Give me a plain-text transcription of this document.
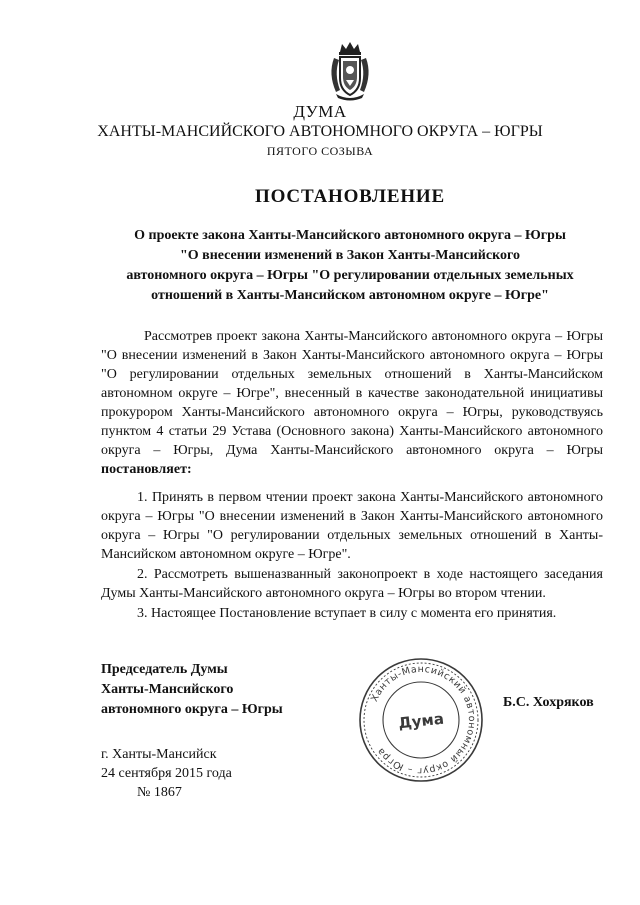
ДУМА
ХАНТЫ-МАНСИЙСКОГО АВТОНОМНОГО ОКРУГА – ЮГРЫ
ПЯТОГО СОЗЫВА
ПОСТАНОВЛЕНИЕ
О проекте закона Ханты-Мансийского автономного округа – Югры
"О внесении изменений в Закон Ханты-Мансийского
автономного округа – Югры "О регулировании отдельных земельных
отношений в Ханты-Мансийском автономном округе – Югре"

Рассмотрев проект закона Ханты-Мансийского автономного округа – Югры "О внесении изменений в Закон Ханты-Мансийского автономного округа – Югры "О регулировании отдельных земельных отношений в Ханты-Мансийском автономном округе – Югре", внесенный в качестве законодательной инициативы прокурором Ханты-Мансийского автономного округа – Югры, руководствуясь пунктом 4 статьи 29 Устава (Основного закона) Ханты-Мансийского автономного округа – Югры, Дума Ханты-Мансийского автономного округа – Югры постановляет:

1. Принять в первом чтении проект закона Ханты-Мансийского автономного округа – Югры "О внесении изменений в Закон Ханты-Мансийского автономного округа – Югры "О регулировании отдельных земельных отношений в Ханты-Мансийском автономном округе – Югре".

2. Рассмотреть вышеназванный законопроект в ходе настоящего заседания Думы Ханты-Мансийского автономного округа – Югры во втором чтении.

3. Настоящее Постановление вступает в силу с момента его принятия.

Председатель Думы
Ханты-Мансийского
автономного округа – Югры
Ханты-Мансийский автономный округ – Югра
Дума
Б.С. Хохряков
г. Ханты-Мансийск
24 сентября 2015 года
№ 1867
